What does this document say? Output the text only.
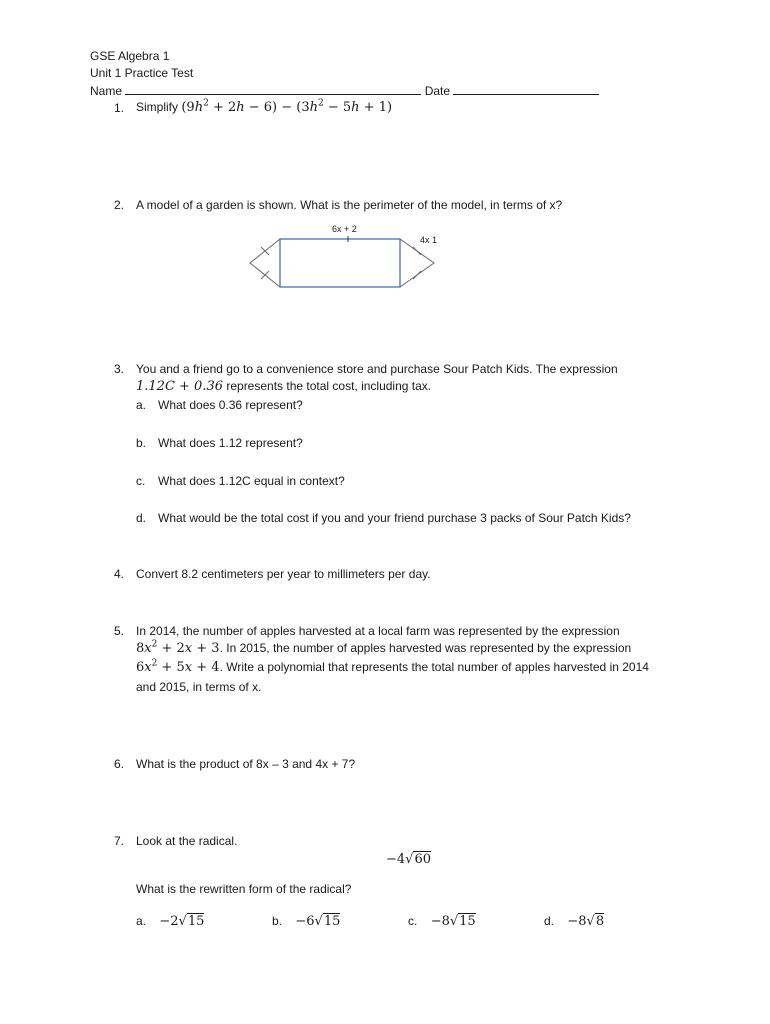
GSE Algebra 1
Unit 1 Practice Test
Name	Date
1. Simplify $(9h^2 + 2h - 6) - (3h^2 - 5h + 1)$
2. A model of a garden is shown. What is the perimeter of the model, in terms of x?
6x + 2
4x 1
3. You and a friend go to a convenience store and purchase Sour Patch Kids. The expression
1.12C + 0.36 represents the total cost, including tax.
a. What does 0.36 represent?
b. What does 1.12 represent?
c. What does 1.12C equal in context?
d. What would be the total cost if you and your friend purchase 3 packs of Sour Patch Kids?
4. Convert 8.2 centimeters per year to millimeters per day.
5. In 2014, the number of apples harvested at a local farm was represented by the expression
$8x^2 + 2x + 3$. In 2015, the number of apples harvested was represented by the expression
$6x^2 + 5x + 4$. Write a polynomial that represents the total number of apples harvested in 2014
and 2015, in terms of x.
6. What is the product of 8x – 3 and 4x + 7?
7. Look at the radical.
−4√60
What is the rewritten form of the radical?
a. −2√15	b. −6√15	c. −8√15	d. −8√8
